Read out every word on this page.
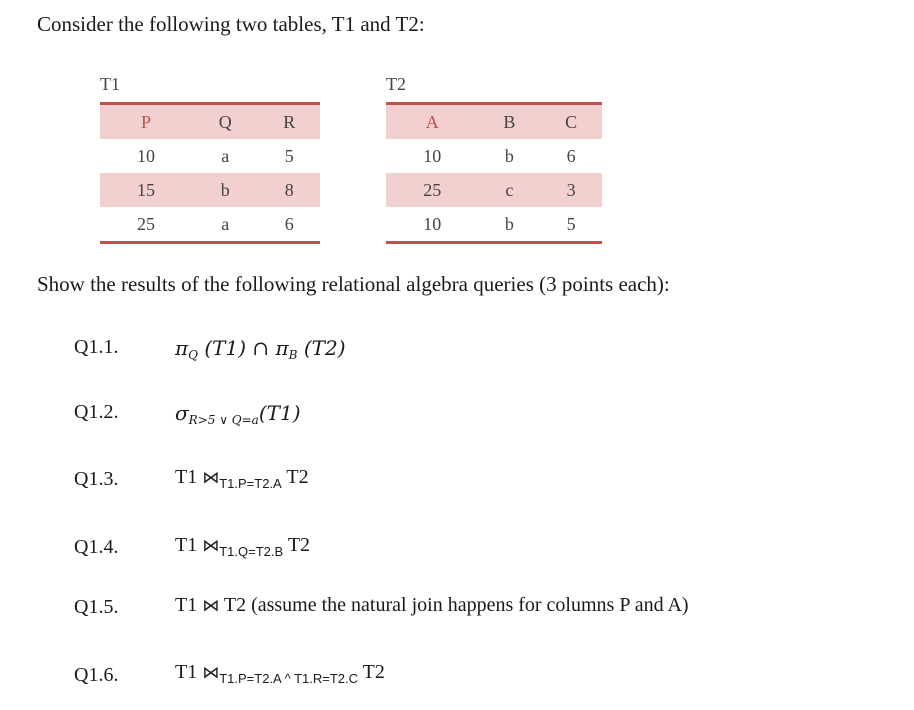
Consider the following two tables, T1 and T2:
T1		
P	Q	R
10	a	5
15	b	8
25	a	6
T2		
A	B	C
10	b	6
25	c	3
10	b	5
Show the results of the following relational algebra queries (3 points each):
Q1.1.	$\pi_Q$ (T1) ∩ $\pi_B$ (T2)
Q1.2.	$\sigma_{R>5 \vee Q=a}(T1)$
Q1.3.	T1 $⋈_{T1.P=T2.A}$ T2
Q1.4.	T1 $⋈_{T1.Q=T2.B}$ T2
Q1.5.	T1 ⋈ T2 (assume the natural join happens for columns P and A)
Q1.6.	T1 $⋈_{T1.P=T2.A \^{} T1.R=T2.C}$ T2
